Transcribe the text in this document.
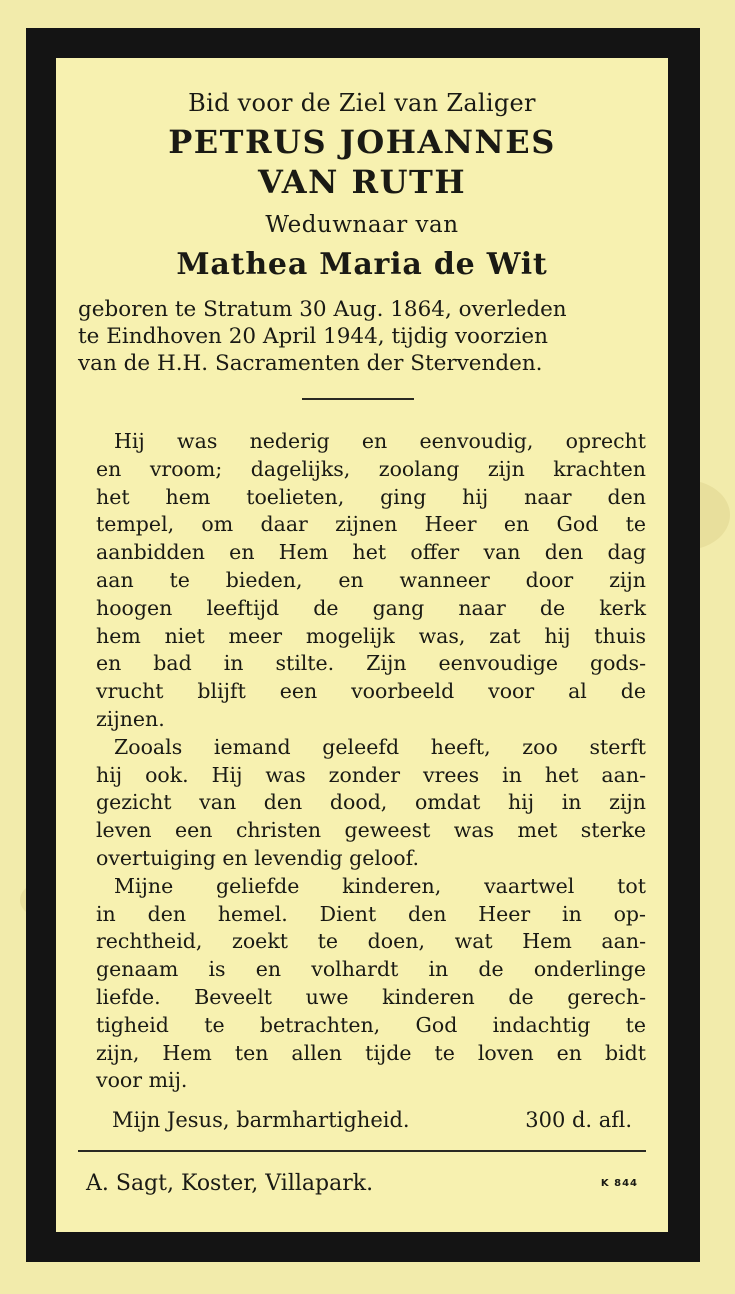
Bid voor de Ziel van Zaliger
PETRUS JOHANNES
VAN RUTH
Weduwnaar van
Mathea Maria de Wit
geboren te Stratum 30 Aug. 1864, overleden
te Eindhoven 20 April 1944, tijdig voorzien
van de H.H. Sacramenten der Stervenden.
Hij was nederig en eenvoudig, oprecht
en vroom; dagelijks, zoolang zijn krachten
het hem toelieten, ging hij naar den
tempel, om daar zijnen Heer en God te
aanbidden en Hem het offer van den dag
aan te bieden, en wanneer door zijn
hoogen leeftijd de gang naar de kerk
hem niet meer mogelijk was, zat hij thuis
en bad in stilte. Zijn eenvoudige gods-
vrucht blijft een voorbeeld voor al de
zijnen.
Zooals iemand geleefd heeft, zoo sterft
hij ook. Hij was zonder vrees in het aan-
gezicht van den dood, omdat hij in zijn
leven een christen geweest was met sterke
overtuiging en levendig geloof.
Mijne geliefde kinderen, vaartwel tot
in den hemel. Dient den Heer in op-
rechtheid, zoekt te doen, wat Hem aan-
genaam is en volhardt in de onderlinge
liefde. Beveelt uwe kinderen de gerech-
tigheid te betrachten, God indachtig te
zijn, Hem ten allen tijde te loven en bidt
voor mij.
Mijn Jesus, barmhartigheid.	300 d. afl.
A. Sagt, Koster, Villapark.	K 844
